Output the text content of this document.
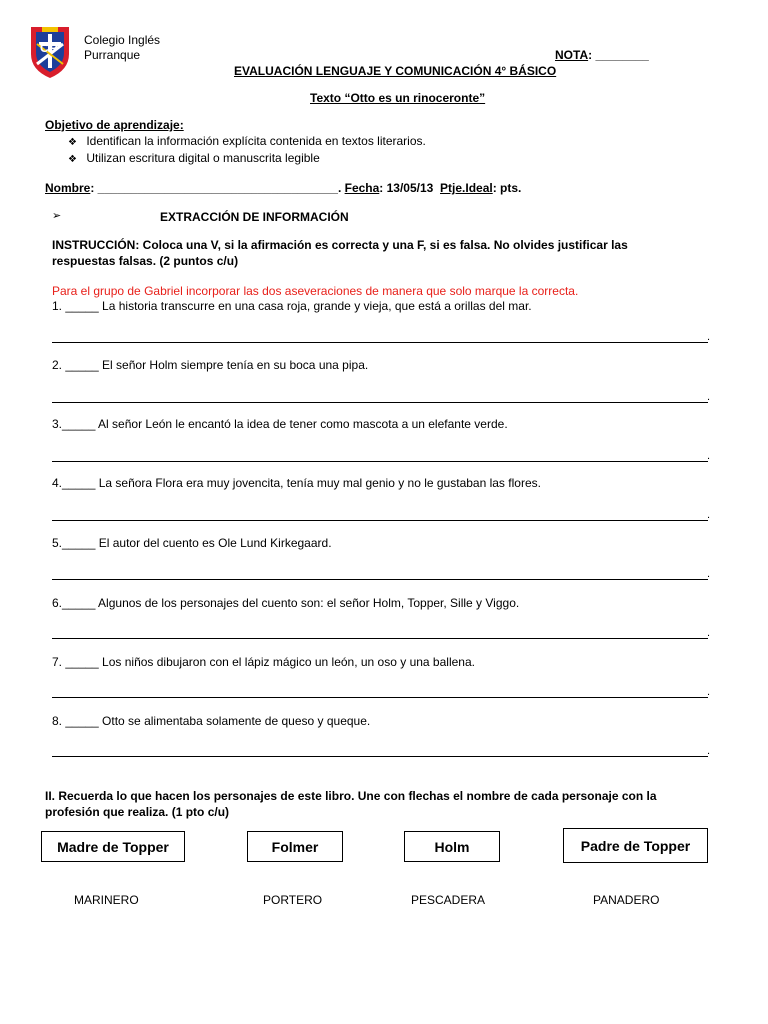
CP
Colegio Inglés
Purranque	NOTA: ________
EVALUACIÓN LENGUAJE Y COMUNICACIÓN 4° BÁSICO
Texto “Otto es un rinoceronte”
Objetivo de aprendizaje:
❖ Identifican la información explícita contenida en textos literarios.
❖ Utilizan escritura digital o manuscrita legible
Nombre: ____________________________________. Fecha: 13/05/13 Ptje.Ideal: pts.
➢	EXTRACCIÓN DE INFORMACIÓN
INSTRUCCIÓN: Coloca una V, si la afirmación es correcta y una F, si es falsa. No olvides justificar las
respuestas falsas. (2 puntos c/u)
Para el grupo de Gabriel incorporar las dos aseveraciones de manera que solo marque la correcta.
1. _____ La historia transcurre en una casa roja, grande y vieja, que está a orillas del mar.
.
2. _____ El señor Holm siempre tenía en su boca una pipa.
.
3._____ Al señor León le encantó la idea de tener como mascota a un elefante verde.
.
4._____ La señora Flora era muy jovencita, tenía muy mal genio y no le gustaban las flores.
.
5._____ El autor del cuento es Ole Lund Kirkegaard.
.
6._____ Algunos de los personajes del cuento son: el señor Holm, Topper, Sille y Viggo.
.
7. _____ Los niños dibujaron con el lápiz mágico un león, un oso y una ballena.
.
8. _____ Otto se alimentaba solamente de queso y queque.
.
II. Recuerda lo que hacen los personajes de este libro. Une con flechas el nombre de cada personaje con la
profesión que realiza. (1 pto c/u)
Madre de Topper	Folmer	Holm	Padre de Topper
MARINERO	PORTERO	PESCADERA	PANADERO
